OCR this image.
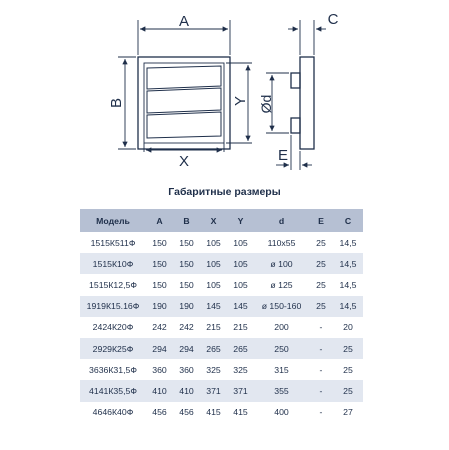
A
B
X
Y
C
Ød
E
Габаритные размеры
Модель	A	B	X	Y	d	E	C
1515К511Ф	150	150	105	105	110х55	25	14,5
1515К10Ф	150	150	105	105	ø 100	25	14,5
1515К12,5Ф	150	150	105	105	ø 125	25	14,5
1919К15.16Ф	190	190	145	145	ø 150-160	25	14,5
2424К20Ф	242	242	215	215	200	-	20
2929К25Ф	294	294	265	265	250	-	25
3636К31,5Ф	360	360	325	325	315	-	25
4141К35,5Ф	410	410	371	371	355	-	25
4646К40Ф	456	456	415	415	400	-	27
